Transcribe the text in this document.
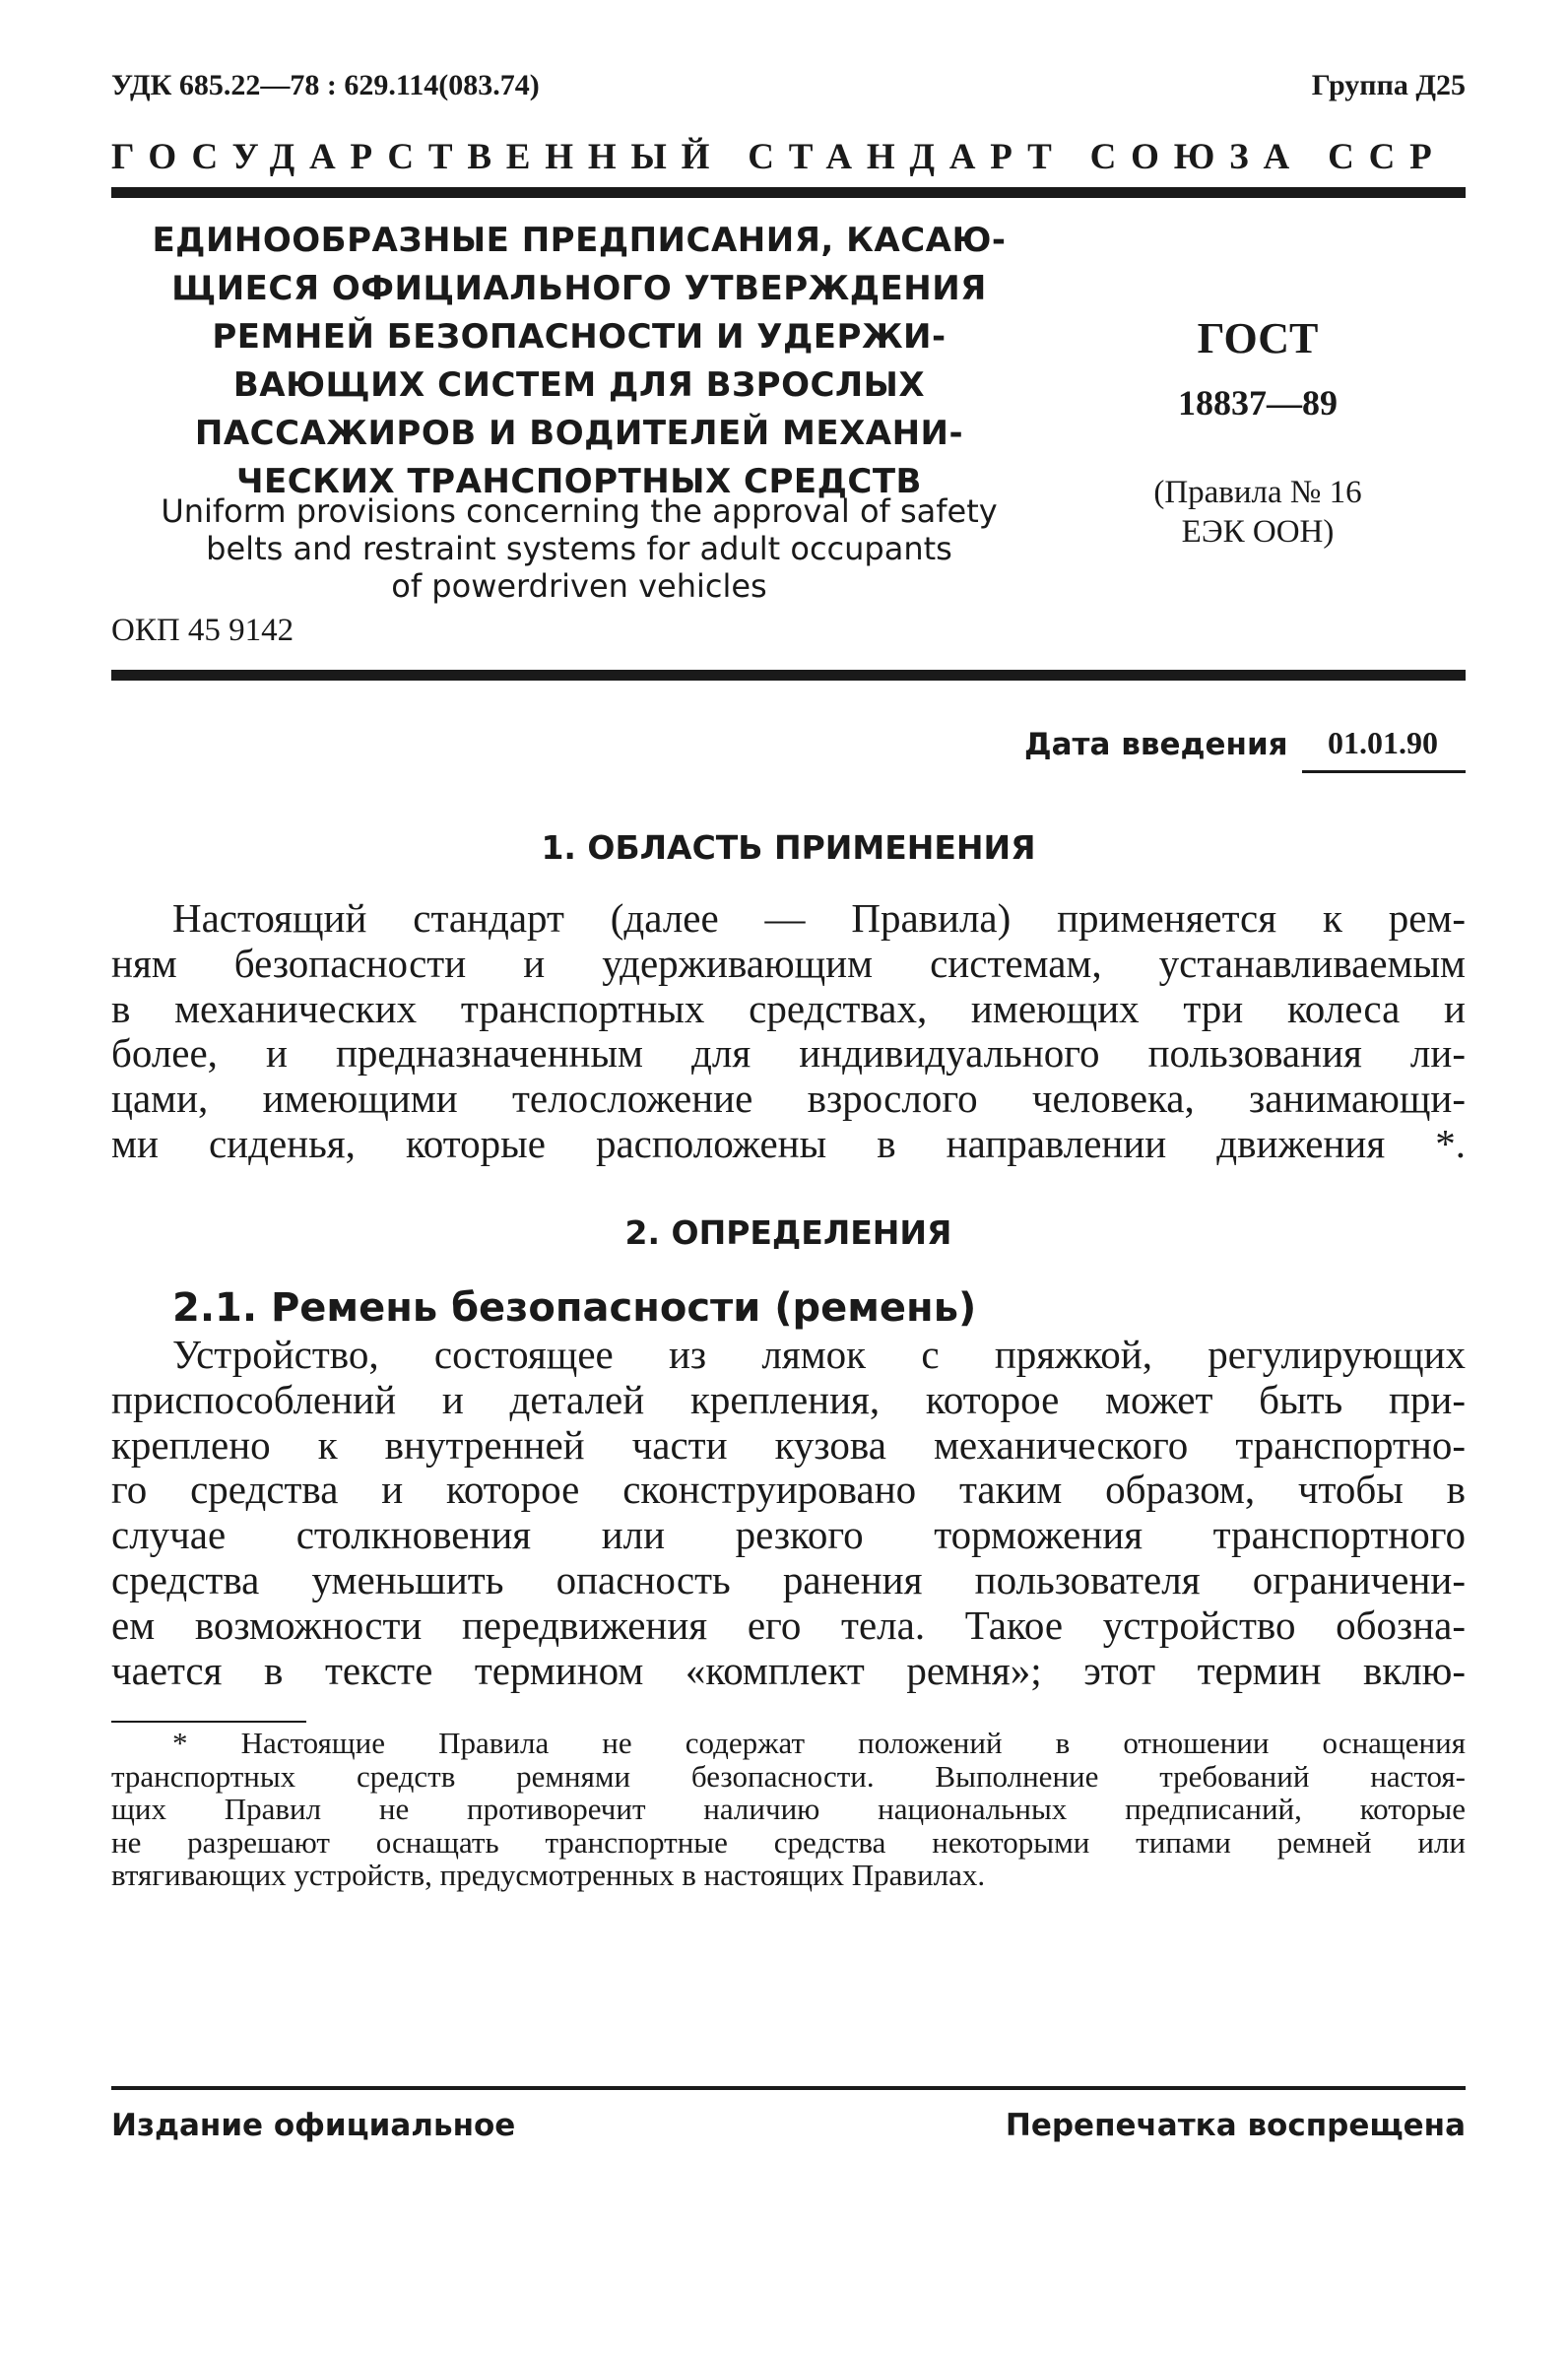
УДК 685.22—78 : 629.114(083.74)	Группа Д25
ГОСУДАРСТВЕННЫЙ СТАНДАРТ СОЮЗА ССР
ЕДИНООБРАЗНЫЕ ПРЕДПИСАНИЯ, КАСАЮ-
ЩИЕСЯ ОФИЦИАЛЬНОГО УТВЕРЖДЕНИЯ
РЕМНЕЙ БЕЗОПАСНОСТИ И УДЕРЖИ-
ВАЮЩИХ СИСТЕМ ДЛЯ ВЗРОСЛЫХ
ПАССАЖИРОВ И ВОДИТЕЛЕЙ МЕХАНИ-
ЧЕСКИХ ТРАНСПОРТНЫХ СРЕДСТВ
Uniform provisions concerning the approval of safety
belts and restraint systems for adult occupants
of powerdriven vehicles
ОКП 45 9142
ГОСТ
18837—89
(Правила № 16
ЕЭК ООН)
Дата введения	01.01.90
1. ОБЛАСТЬ ПРИМЕНЕНИЯ
Настоящий стандарт (далее — Правила) применяется к рем-
ням безопасности и удерживающим системам, устанавливаемым
в механических транспортных средствах, имеющих три колеса и
более, и предназначенным для индивидуального пользования ли-
цами, имеющими телосложение взрослого человека, занимающи-
ми сиденья, которые расположены в направлении движения *.
2. ОПРЕДЕЛЕНИЯ
2.1. Ремень безопасности (ремень)
Устройство, состоящее из лямок с пряжкой, регулирующих
приспособлений и деталей крепления, которое может быть при-
креплено к внутренней части кузова механического транспортно-
го средства и которое сконструировано таким образом, чтобы в
случае столкновения или резкого торможения транспортного
средства уменьшить опасность ранения пользователя ограничени-
ем возможности передвижения его тела. Такое устройство обозна-
чается в тексте термином «комплект ремня»; этот термин вклю-
* Настоящие Правила не содержат положений в отношении оснащения
транспортных средств ремнями безопасности. Выполнение требований настоя-
щих Правил не противоречит наличию национальных предписаний, которые
не разрешают оснащать транспортные средства некоторыми типами ремней или
втягивающих устройств, предусмотренных в настоящих Правилах.
Издание официальное	Перепечатка воспрещена
